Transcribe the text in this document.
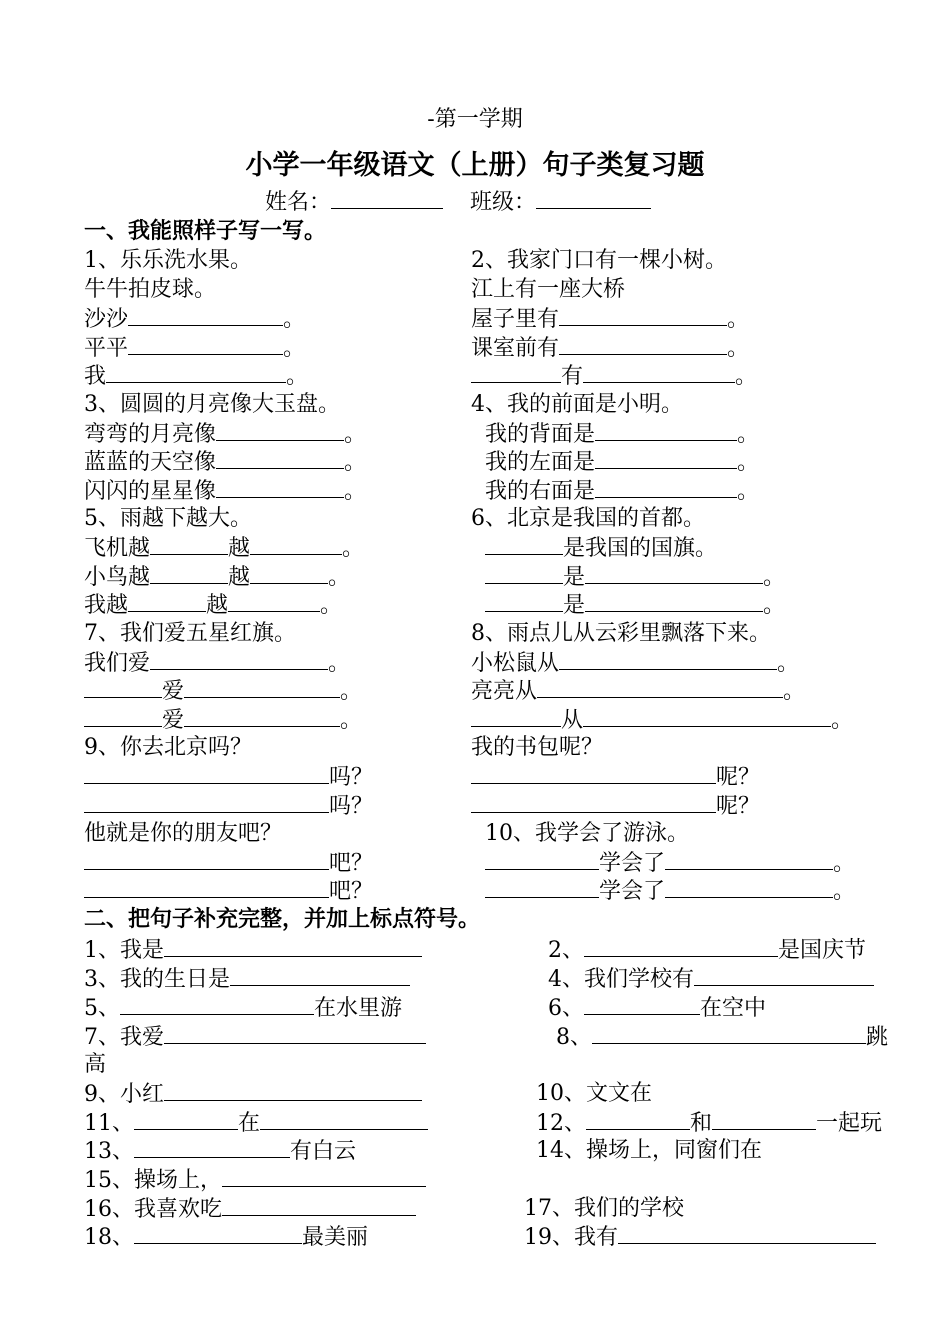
-第一学期
小学一年级语文（上册）句子类复习题
姓名：	班级：
一、我能照样子写一写。
1、乐乐洗水果。
牛牛拍皮球。
沙沙	。
平平	。
我	。
2、我家门口有一棵小树。
江上有一座大桥
屋子里有	。
课室前有	。
有	。
3、圆圆的月亮像大玉盘。
弯弯的月亮像	。
蓝蓝的天空像	。
闪闪的星星像	。
4、我的前面是小明。
我的背面是	。
我的左面是	。
我的右面是	。
5、雨越下越大。
飞机越	越	。
小鸟越	越	。
我越	越	。
6、北京是我国的首都。
是我国的国旗。
是	。
是	。
7、我们爱五星红旗。
我们爱	。
爱	。
爱	。
8、雨点儿从云彩里飘落下来。
小松鼠从	。
亮亮从	。
从	。
9、你去北京吗？
吗？
吗？
他就是你的朋友吧？
吧？
吧？
我的书包呢？
呢？
呢？
10、我学会了游泳。
学会了	。
学会了	。
二、把句子补充完整，并加上标点符号。
1、我是	2、	是国庆节
3、我的生日是	4、我们学校有
5、	在水里游	6、	在空中
7、我爱	8、	跳
高
9、小红	10、文文在
11、	在	12、	和	一起玩
13、	有白云	14、操场上，同窗们在
15、操场上，
16、我喜欢吃	17、我们的学校
18、	最美丽	19、我有
